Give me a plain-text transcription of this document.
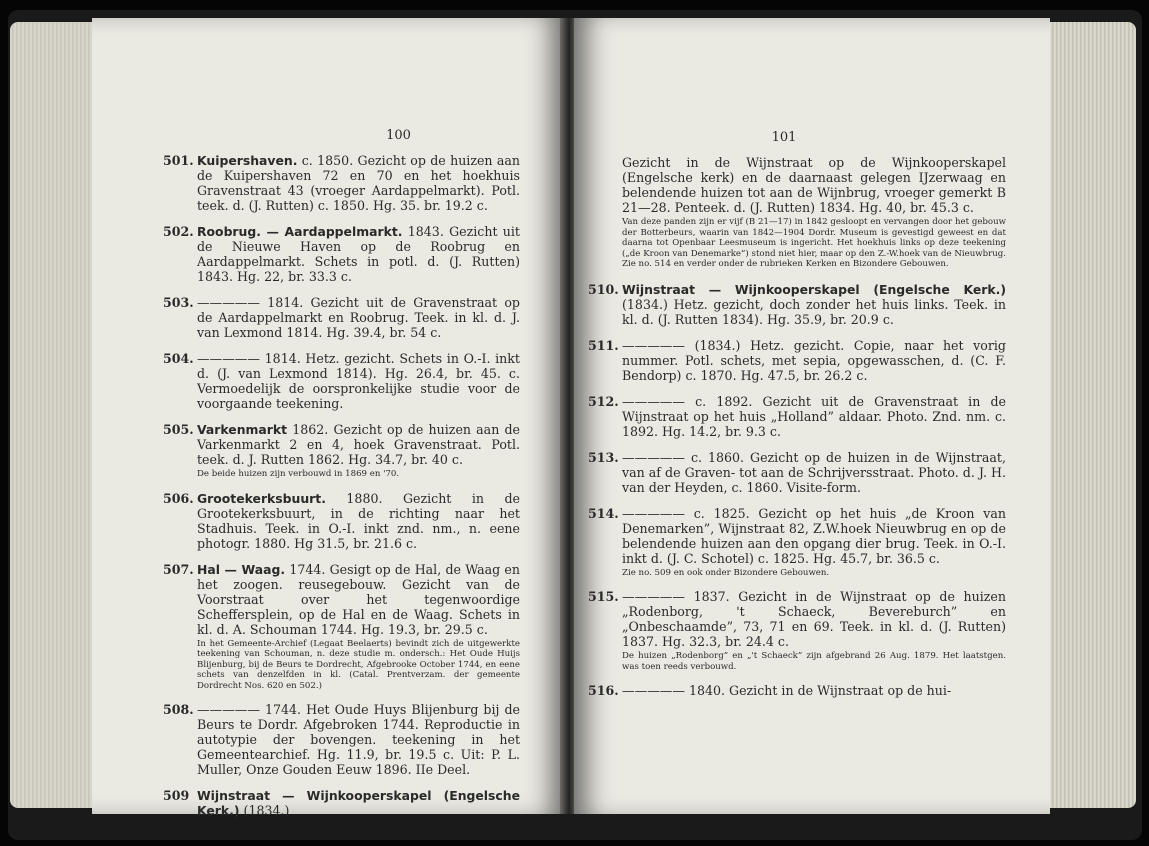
100
501. Kuipershaven. c. 1850. Gezicht op de huizen aan de Kuipershaven 72 en 70 en het hoekhuis Gravenstraat 43 (vroeger Aardappelmarkt). Potl. teek. d. (J. Rutten) c. 1850. Hg. 35. br. 19.2 c.
502. Roobrug. — Aardappelmarkt. 1843. Gezicht uit de Nieuwe Haven op de Roobrug en Aardappelmarkt. Schets in potl. d. (J. Rutten) 1843. Hg. 22, br. 33.3 c.
503. ————— 1814. Gezicht uit de Gravenstraat op de Aardappelmarkt en Roobrug. Teek. in kl. d. J. van Lexmond 1814. Hg. 39.4, br. 54 c.
504. ————— 1814. Hetz. gezicht. Schets in O.-I. inkt d. (J. van Lexmond 1814). Hg. 26.4, br. 45. c. Vermoedelijk de oorspronkelijke studie voor de voorgaande teekening.
505. Varkenmarkt 1862. Gezicht op de huizen aan de Varkenmarkt 2 en 4, hoek Gravenstraat. Potl. teek. d. J. Rutten 1862. Hg. 34.7, br. 40 c.
De beide huizen zijn verbouwd in 1869 en '70.
506. Grootekerksbuurt. 1880. Gezicht in de Grootekerksbuurt, in de richting naar het Stadhuis. Teek. in O.-I. inkt znd. nm., n. eene photogr. 1880. Hg 31.5, br. 21.6 c.
507. Hal — Waag. 1744. Gesigt op de Hal, de Waag en het zoogen. reusegebouw. Gezicht van de Voorstraat over het tegenwoordige Scheffersplein, op de Hal en de Waag. Schets in kl. d. A. Schouman 1744. Hg. 19.3, br. 29.5 c.
In het Gemeente-Archief (Legaat Beelaerts) bevindt zich de uitgewerkte teekening van Schouman, n. deze studie m. ondersch.: Het Oude Huijs Blijenburg, bij de Beurs te Dordrecht, Afgebrooke October 1744, en eene schets van denzelfden in kl. (Catal. Prentverzam. der gemeente Dordrecht Nos. 620 en 502.)
508. ————— 1744. Het Oude Huys Blijenburg bij de Beurs te Dordr. Afgebroken 1744. Reproductie in autotypie der bovengen. teekening in het Gemeentearchief. Hg. 11.9, br. 19.5 c. Uit: P. L. Muller, Onze Gouden Eeuw 1896. IIe Deel.
509 Wijnstraat — Wijnkooperskapel (Engelsche Kerk.) (1834.)
101
Gezicht in de Wijnstraat op de Wijnkooperskapel (Engelsche kerk) en de daarnaast gelegen IJzerwaag en belendende huizen tot aan de Wijnbrug, vroeger gemerkt B 21—28. Penteek. d. (J. Rutten) 1834. Hg. 40, br. 45.3 c.
Van deze panden zijn er vijf (B 21—17) in 1842 gesloopt en vervangen door het gebouw der Botterbeurs, waarin van 1842—1904 Dordr. Museum is gevestigd geweest en dat daarna tot Openbaar Leesmuseum is ingericht. Het hoekhuis links op deze teekening („de Kroon van Denemarke”) stond niet hier, maar op den Z.-W.hoek van de Nieuwbrug. Zie no. 514 en verder onder de rubrieken Kerken en Bizondere Gebouwen.
510. Wijnstraat — Wijnkooperskapel (Engelsche Kerk.) (1834.) Hetz. gezicht, doch zonder het huis links. Teek. in kl. d. (J. Rutten 1834). Hg. 35.9, br. 20.9 c.
511. ————— (1834.) Hetz. gezicht. Copie, naar het vorig nummer. Potl. schets, met sepia, opgewasschen, d. (C. F. Bendorp) c. 1870. Hg. 47.5, br. 26.2 c.
512. ————— c. 1892. Gezicht uit de Gravenstraat in de Wijnstraat op het huis „Holland” aldaar. Photo. Znd. nm. c. 1892. Hg. 14.2, br. 9.3 c.
513. ————— c. 1860. Gezicht op de huizen in de Wijnstraat, van af de Graven- tot aan de Schrijversstraat. Photo. d. J. H. van der Heyden, c. 1860. Visite-form.
514. ————— c. 1825. Gezicht op het huis „de Kroon van Denemarken”, Wijnstraat 82, Z.W.hoek Nieuwbrug en op de belendende huizen aan den opgang dier brug. Teek. in O.-I. inkt d. (J. C. Schotel) c. 1825. Hg. 45.7, br. 36.5 c.
Zie no. 509 en ook onder Bizondere Gebouwen.
515. ————— 1837. Gezicht in de Wijnstraat op de huizen „Rodenborg, 't Schaeck, Bevereburch” en „Onbeschaamde”, 73, 71 en 69. Teek. in kl. d. (J. Rutten) 1837. Hg. 32.3, br. 24.4 c.
De huizen „Rodenborg” en „'t Schaeck” zijn afgebrand 26 Aug. 1879. Het laatstgen. was toen reeds verbouwd.
516. ————— 1840. Gezicht in de Wijnstraat op de hui-
